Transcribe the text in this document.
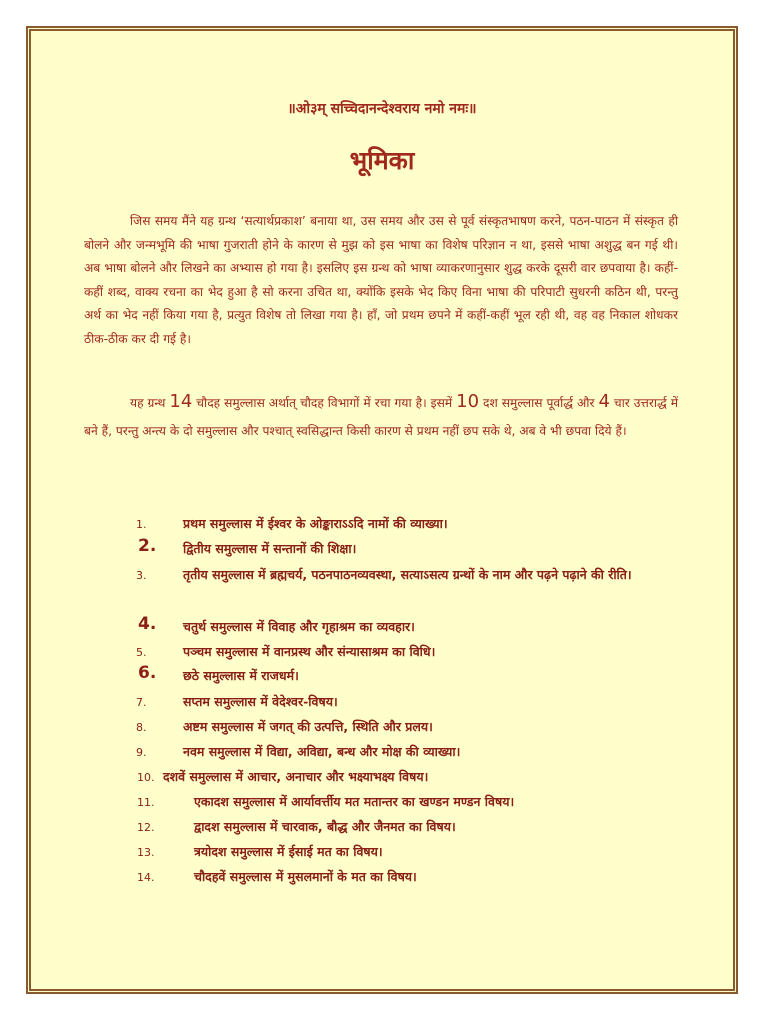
॥ओ३म् सच्चिदानन्देश्वराय नमो नमः॥
भूमिका

जिस समय मैंने यह ग्रन्थ ‘सत्यार्थप्रकाश’ बनाया था, उस समय और उस से पूर्व संस्कृतभाषण करने, पठन-पाठन में संस्कृत ही बोलने और जन्मभूमि की भाषा गुजराती होने के कारण से मुझ को इस भाषा का विशेष परिज्ञान न था, इससे भाषा अशुद्ध बन गई थी। अब भाषा बोलने और लिखने का अभ्यास हो गया है। इसलिए इस ग्रन्थ को भाषा व्याकरणानुसार शुद्ध करके दूसरी वार छपवाया है। कहीं-कहीं शब्द, वाक्य रचना का भेद हुआ है सो करना उचित था, क्योंकि इसके भेद किए विना भाषा की परिपाटी सुधरनी कठिन थी, परन्तु अर्थ का भेद नहीं किया गया है, प्रत्युत विशेष तो लिखा गया है। हाँ, जो प्रथम छपने में कहीं-कहीं भूल रही थी, वह वह निकाल शोधकर ठीक-ठीक कर दी गई है।

यह ग्रन्थ 14 चौदह समुल्लास अर्थात् चौदह विभागों में रचा गया है। इसमें 10 दश समुल्लास पूर्वार्द्ध और 4 चार उत्तरार्द्ध में बने हैं, परन्तु अन्त्य के दो समुल्लास और पश्चात् स्वसिद्धान्त किसी कारण से प्रथम नहीं छप सके थे, अब वे भी छपवा दिये हैं।

1.	प्रथम समुल्लास में ईश्वर के ओङ्काराऽऽदि नामों की व्याख्या।
2. द्वितीय समुल्लास में सन्तानों की शिक्षा।
3.	तृतीय समुल्लास में ब्रह्मचर्य, पठनपाठनव्यवस्था, सत्याऽसत्य ग्रन्थों के नाम और पढ़ने पढ़ाने की रीति।
4. चतुर्थ समुल्लास में विवाह और गृहाश्रम का व्यवहार।
5.	पञ्चम समुल्लास में वानप्रस्थ और संन्यासाश्रम का विधि।
6. छठे समुल्लास में राजधर्म।
7.	सप्तम समुल्लास में वेदेश्वर-विषय।
8.	अष्टम समुल्लास में जगत् की उत्पत्ति, स्थिति और प्रलय।
9.	नवम समुल्लास में विद्या, अविद्या, बन्ध और मोक्ष की व्याख्या।
10. दशवें समुल्लास में आचार, अनाचार और भक्ष्याभक्ष्य विषय।
11.	एकादश समुल्लास में आर्यावर्त्तीय मत मतान्तर का खण्डन मण्डन विषय।
12.	द्वादश समुल्लास में चारवाक, बौद्ध और जैनमत का विषय।
13.	त्रयोदश समुल्लास में ईसाई मत का विषय।
14.	चौदहवें समुल्लास में मुसलमानों के मत का विषय।
